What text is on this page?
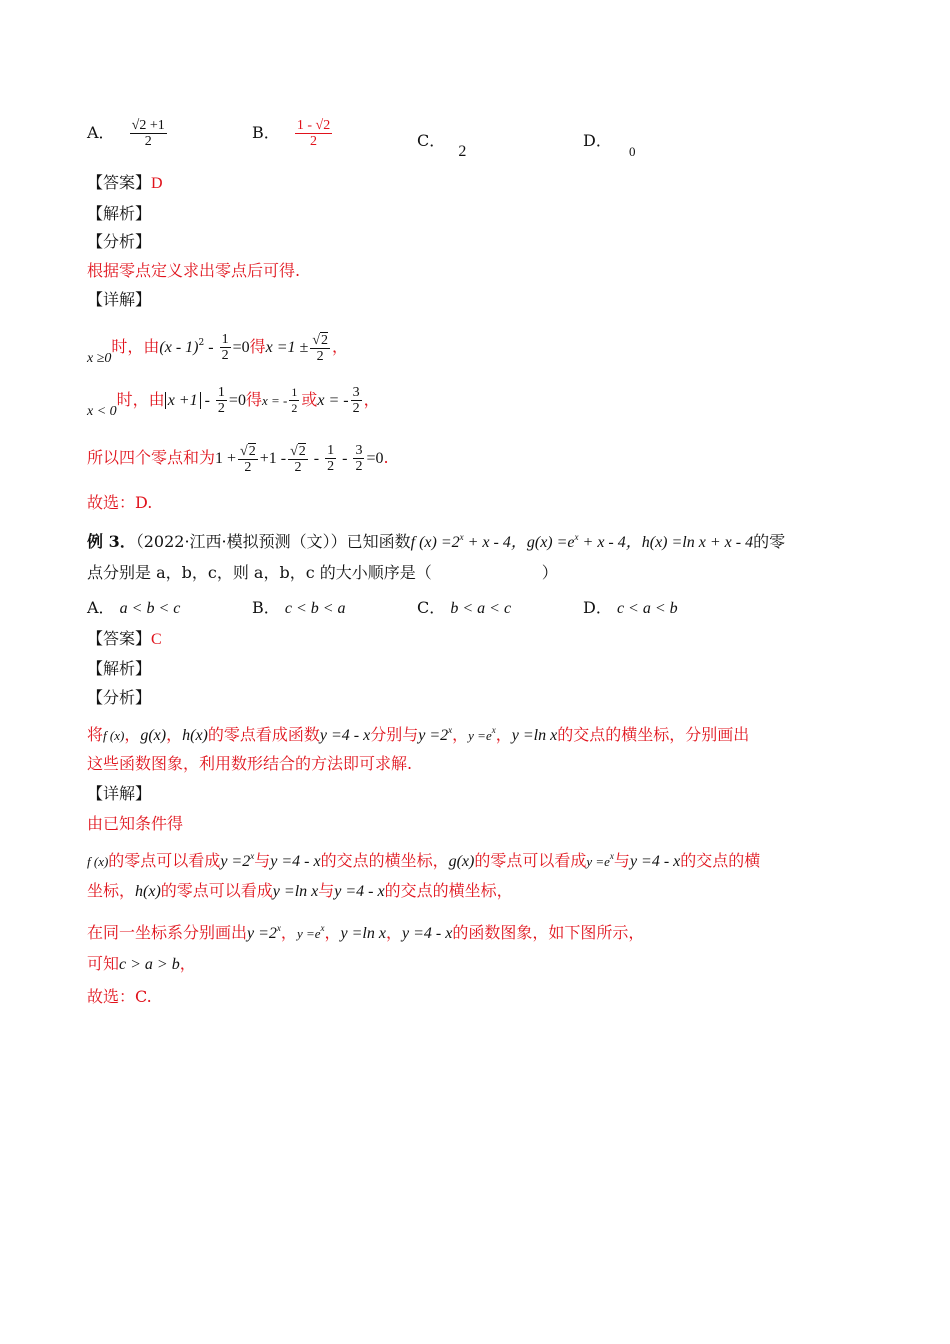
A． $\frac{√2 +1}{2}$	B． $\frac{1 - √2}{2}$	C． 2
D． $_0$
【答案】D
【解析】
【分析】
根据零点定义求出零点后可得.
【详解】
x ≥0时，由$(x - 1)^2 - \frac{1}{2} =0$得$x =1 \pm \frac{√2}{2}$ ，
x < 0时，由 $x +1 - \frac{1}{2} =0$得x = - $\frac{1}{2}$ 或x = - $\frac{3}{2}$ ，
所以四个零点和为$1 + \frac{√2}{2} +1 - \frac{√2}{2} - \frac{1}{2} - \frac{3}{2} =0$.
故选：D.
例 3．（2022·江西·模拟预测（文））已知函数f $(x) =2^x + x - 4$，$g(x) =e^x + x - 4$，h(x) =ln x + x - 4的零
点分别是 a，b，c，则 a，b，c 的大小顺序是（	）
A． a < b < c	B． c < b < a	C． b < a < c	D． c < a < b
【答案】C
【解析】
【分析】
将f (x)，g(x)，h(x)的零点看成函数y =4 - x分别与$y =2^x$，$y =e^x$，y =ln x的交点的横坐标，分别画出
这些函数图象，利用数形结合的方法即可求解.
【详解】
由已知条件得
f (x)的零点可以看成$y =2^x$与y =4 - x的交点的横坐标，g(x)的零点可以看成$y =e^x$与y =4 - x的交点的横
坐标，h(x)的零点可以看成y =ln x与y =4 - x的交点的横坐标，
在同一坐标系分别画出$y =2^x$，$y =e^x$，y =ln x，y =4 - x的函数图象，如下图所示，
可知c > a > b，
故选：C.
